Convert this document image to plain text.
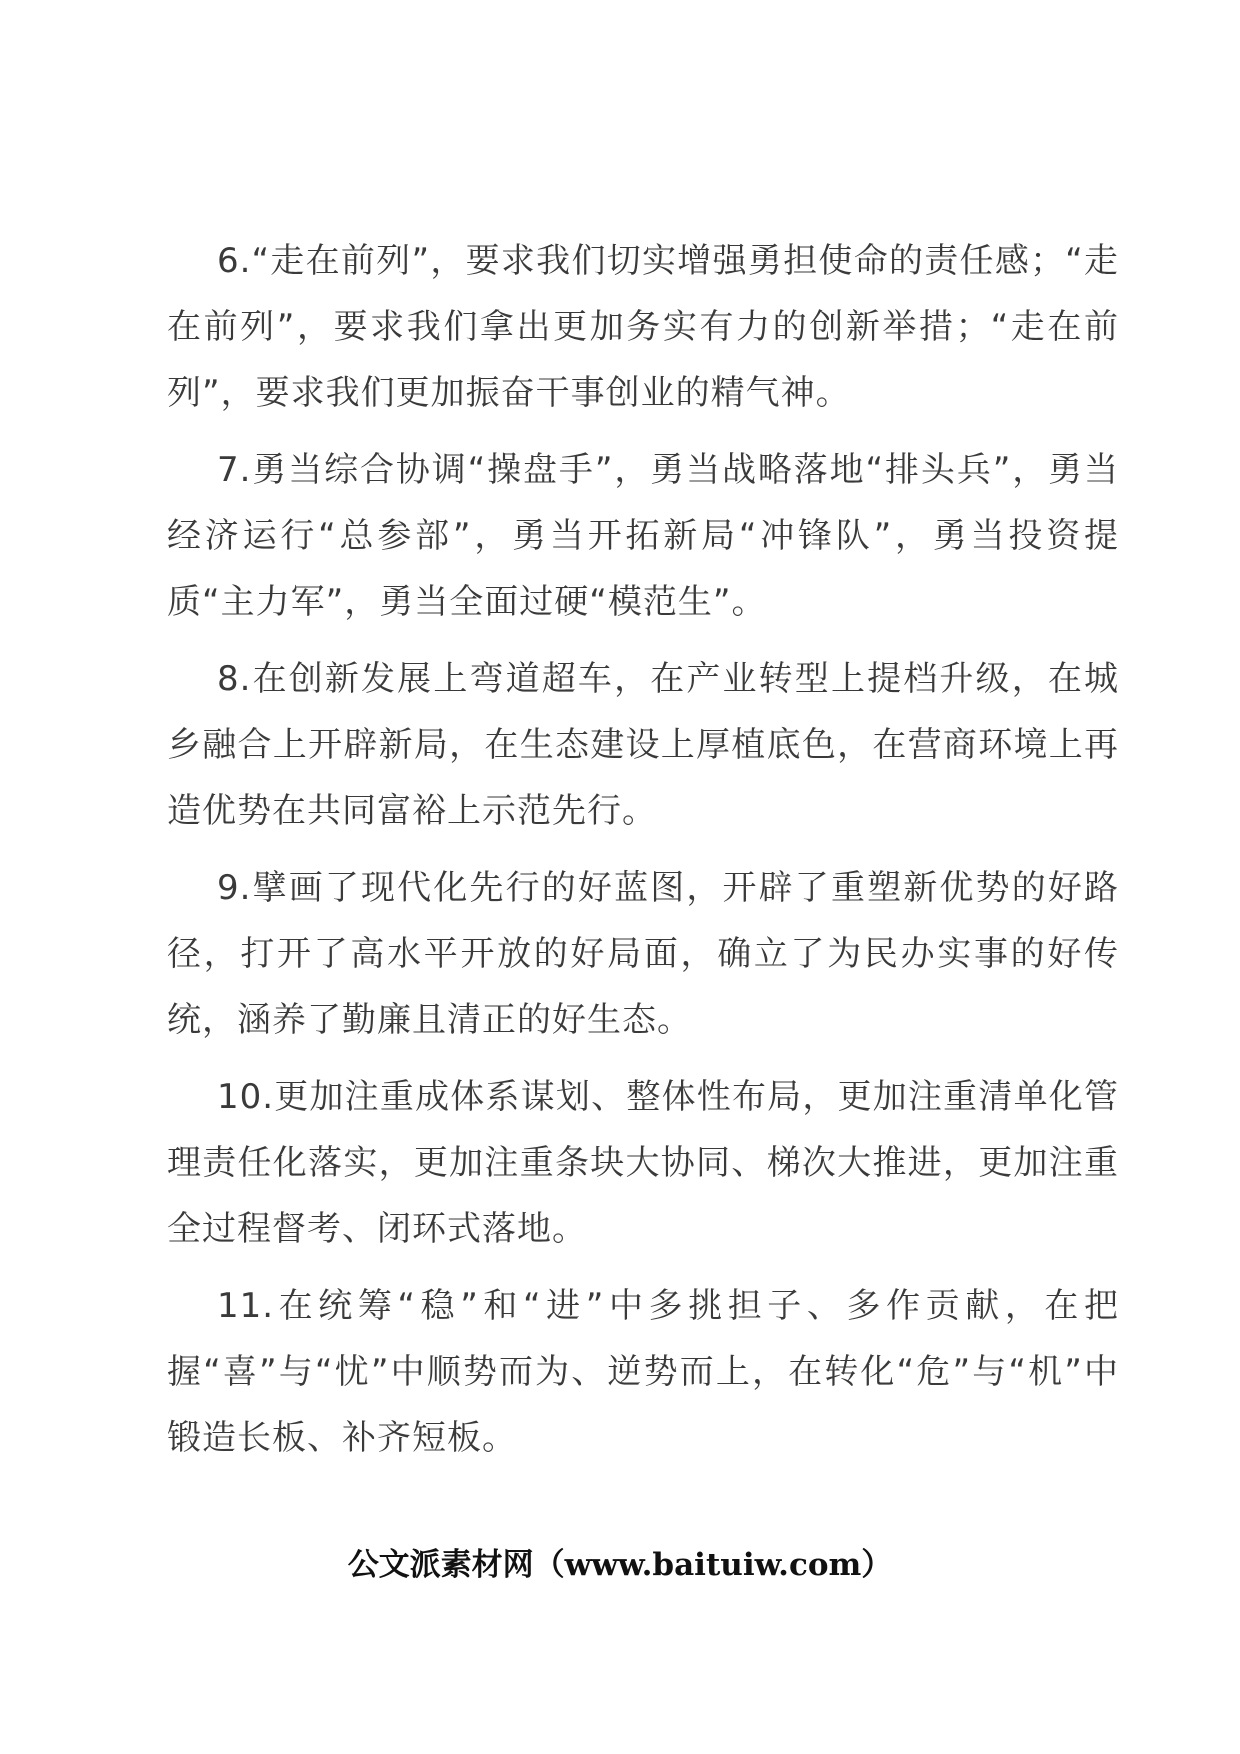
6.“走在前列”，要求我们切实增强勇担使命的责任感；“走在前列”，要求我们拿出更加务实有力的创新举措；“走在前列”，要求我们更加振奋干事创业的精气神。

7.勇当综合协调“操盘手”，勇当战略落地“排头兵”，勇当经济运行“总参部”，勇当开拓新局“冲锋队”，勇当投资提质“主力军”，勇当全面过硬“模范生”。

8.在创新发展上弯道超车，在产业转型上提档升级，在城乡融合上开辟新局，在生态建设上厚植底色，在营商环境上再造优势在共同富裕上示范先行。

9.擘画了现代化先行的好蓝图，开辟了重塑新优势的好路径，打开了高水平开放的好局面，确立了为民办实事的好传统，涵养了勤廉且清正的好生态。

10.更加注重成体系谋划、整体性布局，更加注重清单化管理责任化落实，更加注重条块大协同、梯次大推进，更加注重全过程督考、闭环式落地。

11.在统筹“稳”和“进”中多挑担子、多作贡献，在把握“喜”与“忧”中顺势而为、逆势而上，在转化“危”与“机”中锻造长板、补齐短板。

公文派素材网（www.baituiw.com）
